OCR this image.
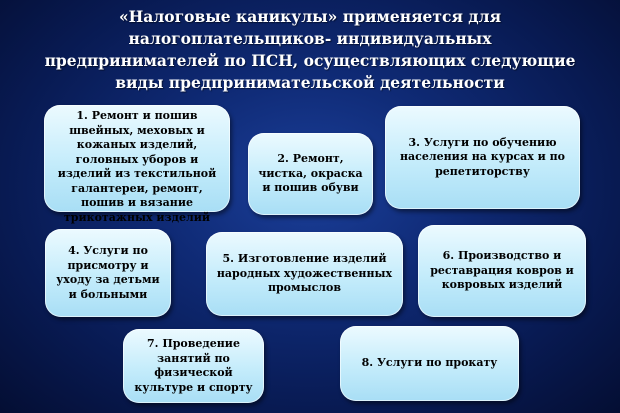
«Налоговые каникулы» применяется для налогоплательщиков- индивидуальных предпринимателей по ПСН, осуществляющих следующие виды предпринимательской деятельности
1. Ремонт и пошив швейных, меховых и кожаных изделий, головных уборов и изделий из текстильной галантереи, ремонт, пошив и вязание трикотажных изделий
2. Ремонт, чистка, окраска и пошив обуви
3. Услуги по обучению населения на курсах и по репетиторству
4. Услуги по присмотру и уходу за детьми и больными
5. Изготовление изделий народных художественных промыслов
6. Производство и реставрация ковров и ковровых изделий
7. Проведение занятий по физической культуре и спорту
8. Услуги по прокату
